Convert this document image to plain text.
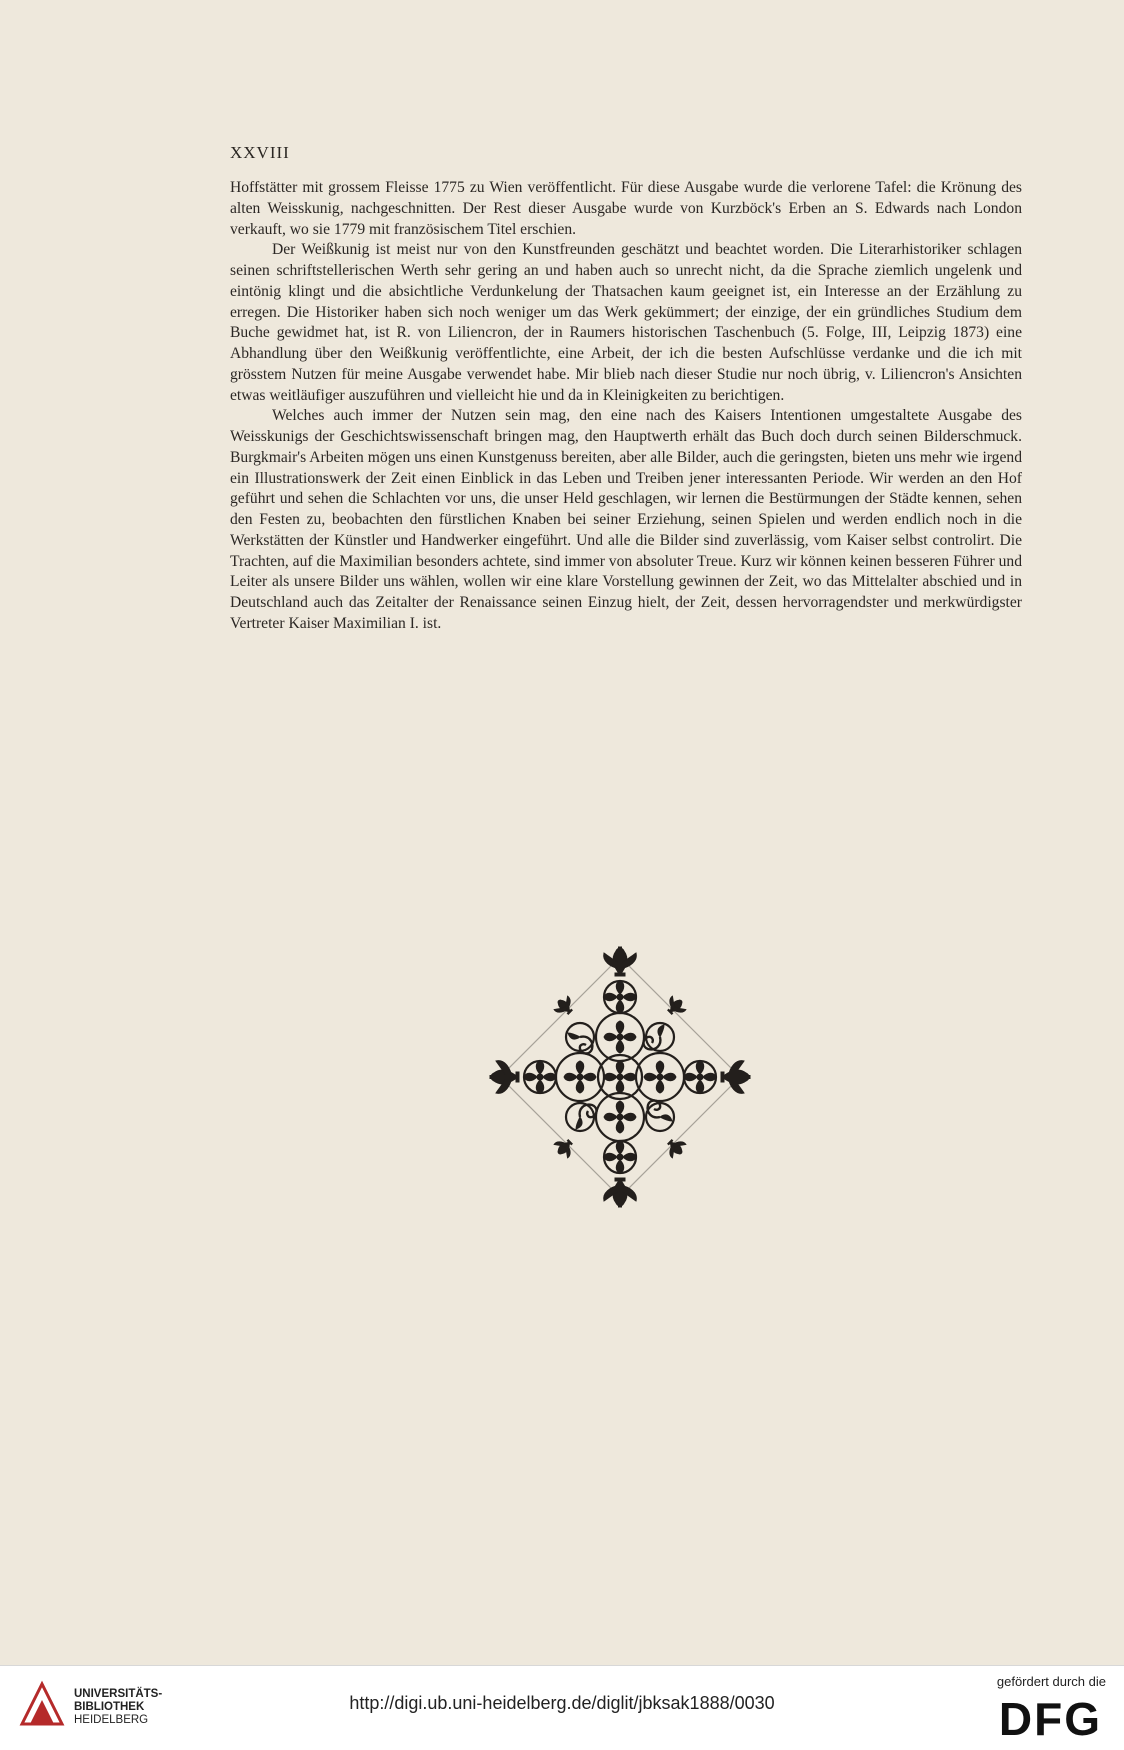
XXVIII

Hoffstätter mit grossem Fleisse 1775 zu Wien veröffentlicht. Für diese Ausgabe wurde die verlorene Tafel: die Krönung des alten Weisskunig, nachgeschnitten. Der Rest dieser Ausgabe wurde von Kurzböck's Erben an S. Edwards nach London verkauft, wo sie 1779 mit französischem Titel erschien.

Der Weißkunig ist meist nur von den Kunstfreunden geschätzt und beachtet worden. Die Literarhistoriker schlagen seinen schriftstellerischen Werth sehr gering an und haben auch so unrecht nicht, da die Sprache ziemlich ungelenk und eintönig klingt und die absichtliche Verdunkelung der Thatsachen kaum geeignet ist, ein Interesse an der Erzählung zu erregen. Die Historiker haben sich noch weniger um das Werk gekümmert; der einzige, der ein gründliches Studium dem Buche gewidmet hat, ist R. von Liliencron, der in Raumers historischen Taschenbuch (5. Folge, III, Leipzig 1873) eine Abhandlung über den Weißkunig veröffentlichte, eine Arbeit, der ich die besten Aufschlüsse verdanke und die ich mit grösstem Nutzen für meine Ausgabe verwendet habe. Mir blieb nach dieser Studie nur noch übrig, v. Liliencron's Ansichten etwas weitläufiger auszuführen und vielleicht hie und da in Kleinigkeiten zu berichtigen.

Welches auch immer der Nutzen sein mag, den eine nach des Kaisers Intentionen umgestaltete Ausgabe des Weisskunigs der Geschichtswissenschaft bringen mag, den Hauptwerth erhält das Buch doch durch seinen Bilderschmuck. Burgkmair's Arbeiten mögen uns einen Kunstgenuss bereiten, aber alle Bilder, auch die geringsten, bieten uns mehr wie irgend ein Illustrationswerk der Zeit einen Einblick in das Leben und Treiben jener interessanten Periode. Wir werden an den Hof geführt und sehen die Schlachten vor uns, die unser Held geschlagen, wir lernen die Bestürmungen der Städte kennen, sehen den Festen zu, beobachten den fürstlichen Knaben bei seiner Erziehung, seinen Spielen und werden endlich noch in die Werkstätten der Künstler und Handwerker eingeführt. Und alle die Bilder sind zuverlässig, vom Kaiser selbst controlirt. Die Trachten, auf die Maximilian besonders achtete, sind immer von absoluter Treue. Kurz wir können keinen besseren Führer und Leiter als unsere Bilder uns wählen, wollen wir eine klare Vorstellung gewinnen der Zeit, wo das Mittelalter abschied und in Deutschland auch das Zeitalter der Renaissance seinen Einzug hielt, der Zeit, dessen hervorragendster und merkwürdigster Vertreter Kaiser Maximilian I. ist.

UNIVERSITÄTS-
BIBLIOTHEK
HEIDELBERG
http://digi.ub.uni-heidelberg.de/diglit/jbksak1888/0030
gefördert durch die
DFG
